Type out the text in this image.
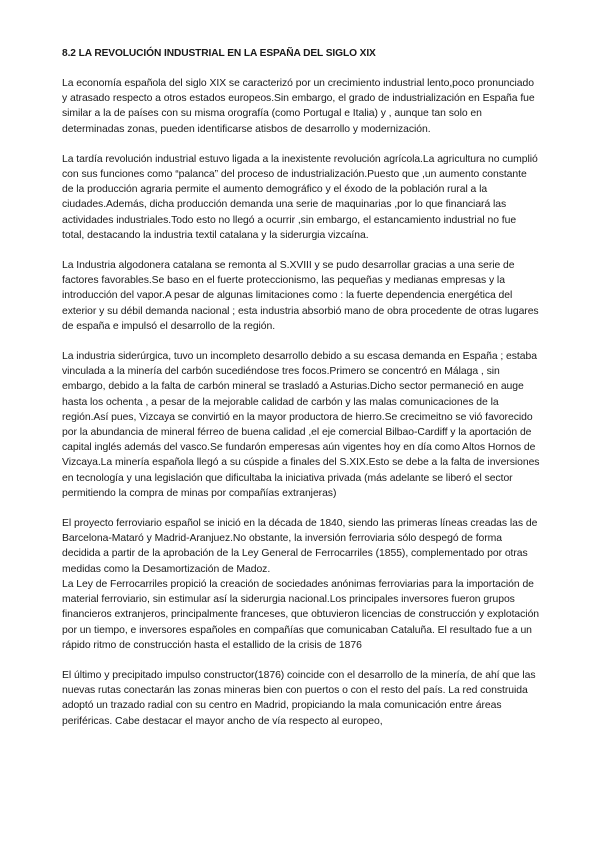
8.2 LA REVOLUCIÓN INDUSTRIAL EN LA ESPAÑA DEL SIGLO XIX

La economía española del siglo XIX se caracterizó por un crecimiento industrial lento,poco pronunciado y atrasado respecto a otros estados europeos.Sin embargo, el grado de industrialización en España fue similar a la de países con su misma orografía (como Portugal e Italia) y , aunque tan solo en determinadas zonas, pueden identificarse atisbos de desarrollo y modernización.

La tardía revolución industrial estuvo ligada a la inexistente revolución agrícola.La agricultura no cumplió con sus funciones como “palanca” del proceso de industrialización.Puesto que ,un aumento constante de la producción agraria permite el aumento demográfico y el éxodo de la población rural a la ciudades.Además, dicha producción demanda una serie de maquinarias ,por lo que financiará las actividades industriales.Todo esto no llegó a ocurrir ,sin embargo, el estancamiento industrial no fue total, destacando la industria textil catalana y la siderurgia vizcaína.

La Industria algodonera catalana se remonta al S.XVIII y se pudo desarrollar gracias a una serie de factores favorables.Se baso en el fuerte proteccionismo, las pequeñas y medianas empresas y la introducción del vapor.A pesar de algunas limitaciones como : la fuerte dependencia energética del exterior y su débil demanda nacional ; esta industria absorbió mano de obra procedente de otras lugares de españa e impulsó el desarrollo de la región.

La industria siderúrgica, tuvo un incompleto desarrollo debido a su escasa demanda en España ; estaba vinculada a la minería del carbón sucediéndose tres focos.Primero se concentró en Málaga , sin embargo, debido a la falta de carbón mineral se trasladó a Asturias.Dicho sector permaneció en auge hasta los ochenta , a pesar de la mejorable calidad de carbón y las malas comunicaciones de la región.Así pues, Vizcaya se convirtió en la mayor productora de hierro.Se crecimeitno se vió favorecido por la abundancia de mineral férreo de buena calidad ,el eje comercial Bilbao-Cardiff y la aportación de capital inglés además del vasco.Se fundarón emperesas aún vigentes hoy en día como Altos Hornos de Vizcaya.La minería española llegó a su cúspide a finales del S.XIX.Esto se debe a la falta de inversiones en tecnología y una legislación que dificultaba la iniciativa privada (más adelante se liberó el sector permitiendo la compra de minas por compañías extranjeras)

El proyecto ferroviario español se inició en la década de 1840, siendo las primeras líneas creadas las de Barcelona-Mataró y Madrid-Aranjuez.No obstante, la inversión ferroviaria sólo despegó de forma decidida a partir de la aprobación de la Ley General de Ferrocarriles (1855), complementado por otras medidas como la Desamortización de Madoz.

La Ley de Ferrocarriles propició la creación de sociedades anónimas ferroviarias para la importación de material ferroviario, sin estimular así la siderurgia nacional.Los principales inversores fueron grupos financieros extranjeros, principalmente franceses, que obtuvieron licencias de construcción y explotación por un tiempo, e inversores españoles en compañías que comunicaban Cataluña. El resultado fue a un rápido ritmo de construcción hasta el estallido de la crisis de 1876

El último y precipitado impulso constructor(1876) coincide con el desarrollo de la minería, de ahí que las nuevas rutas conectarán las zonas mineras bien con puertos o con el resto del país. La red construida adoptó un trazado radial con su centro en Madrid, propiciando la mala comunicación entre áreas periféricas. Cabe destacar el mayor ancho de vía respecto al europeo,
